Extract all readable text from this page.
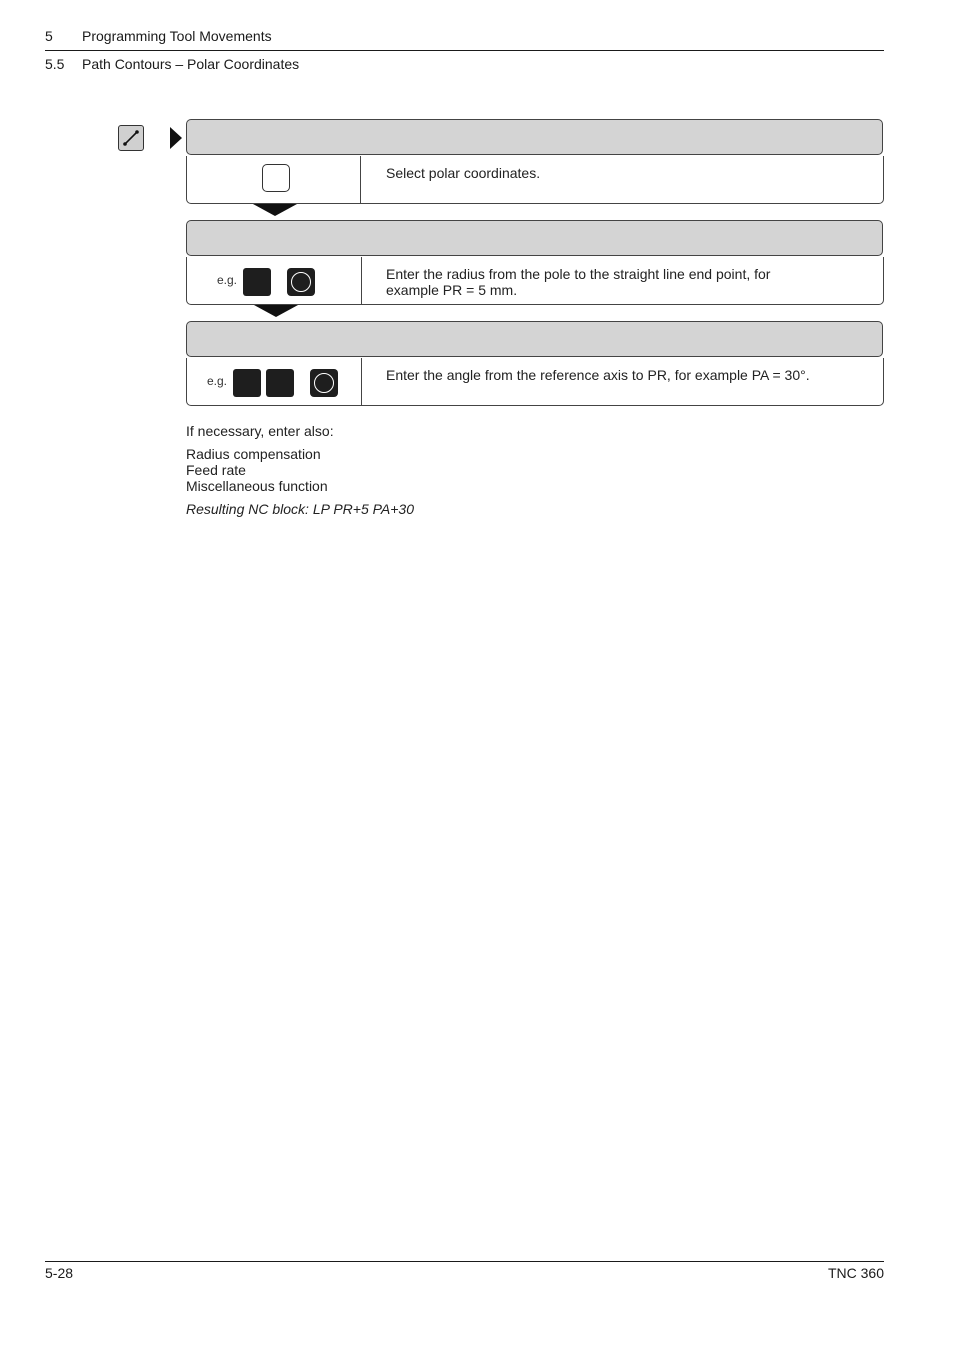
5 Programming Tool Movements
5.5 Path Contours – Polar Coordinates
Select polar coordinates.
e.g.	Enter the radius from the pole to the straight line end point, for
example PR = 5 mm.
e.g.	Enter the angle from the reference axis to PR, for example PA = 30°.
If necessary, enter also:
Radius compensation
Feed rate
Miscellaneous function
Resulting NC block: LP PR+5 PA+30
5-28	TNC 360
